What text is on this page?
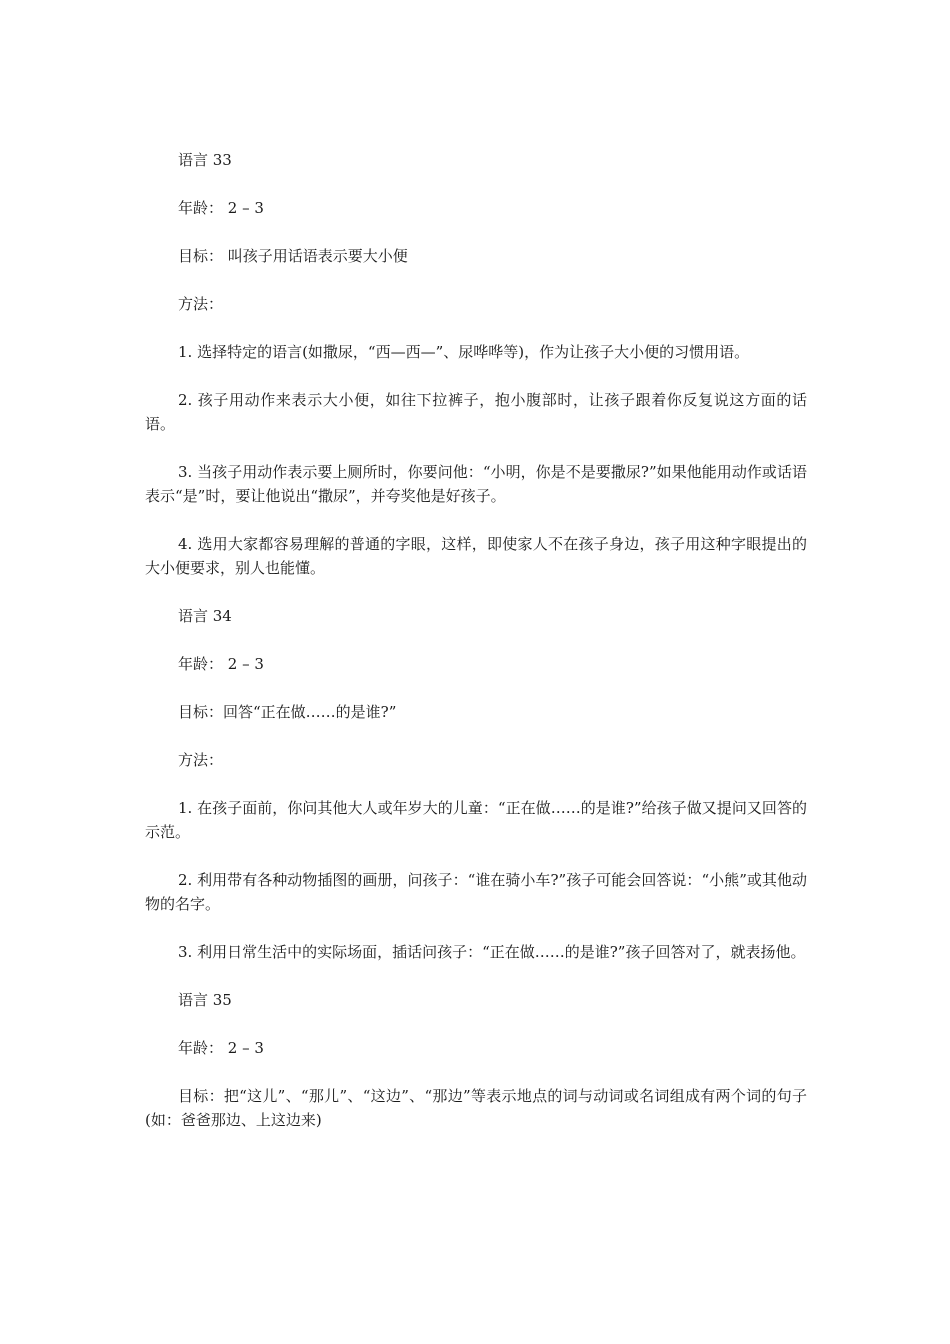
语言 33

年龄： 2 – 3

目标： 叫孩子用话语表示要大小便

方法：

1. 选择特定的语言(如撒尿，“西—西—”、尿哗哗等)，作为让孩子大小便的习惯用语。

2. 孩子用动作来表示大小便，如往下拉裤子，抱小腹部时，让孩子跟着你反复说这方面的话语。

3. 当孩子用动作表示要上厕所时，你要问他：“小明，你是不是要撒尿?”如果他能用动作或话语表示“是”时，要让他说出“撒尿”，并夸奖他是好孩子。

4. 选用大家都容易理解的普通的字眼，这样，即使家人不在孩子身边，孩子用这种字眼提出的大小便要求，别人也能懂。

语言 34

年龄： 2 – 3

目标：回答“正在做……的是谁?”

方法：

1. 在孩子面前，你问其他大人或年岁大的儿童：“正在做……的是谁?”给孩子做又提问又回答的示范。

2. 利用带有各种动物插图的画册，问孩子：“谁在骑小车?”孩子可能会回答说：“小熊”或其他动物的名字。

3. 利用日常生活中的实际场面，插话问孩子：“正在做……的是谁?”孩子回答对了，就表扬他。

语言 35

年龄： 2 – 3

目标：把“这儿”、“那儿”、“这边”、“那边”等表示地点的词与动词或名词组成有两个词的句子(如：爸爸那边、上这边来)
